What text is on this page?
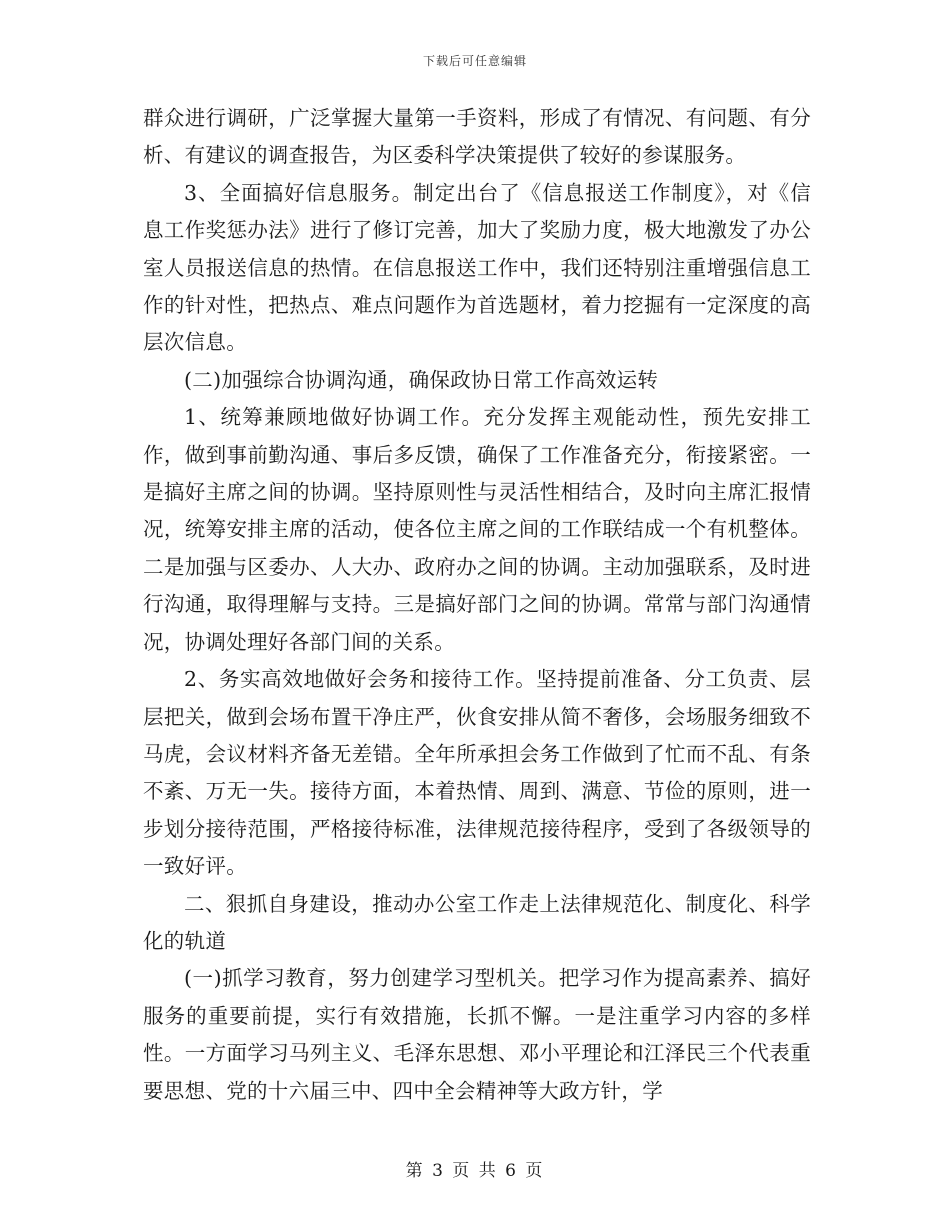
下载后可任意编辑

群众进行调研，广泛掌握大量第一手资料，形成了有情况、有问题、有分析、有建议的调查报告，为区委科学决策提供了较好的参谋服务。

3、全面搞好信息服务。制定出台了《信息报送工作制度》，对《信息工作奖惩办法》进行了修订完善，加大了奖励力度，极大地激发了办公室人员报送信息的热情。在信息报送工作中，我们还特别注重增强信息工作的针对性，把热点、难点问题作为首选题材，着力挖掘有一定深度的高层次信息。

(二)加强综合协调沟通，确保政协日常工作高效运转

1、统筹兼顾地做好协调工作。充分发挥主观能动性，预先安排工作，做到事前勤沟通、事后多反馈，确保了工作准备充分，衔接紧密。一是搞好主席之间的协调。坚持原则性与灵活性相结合，及时向主席汇报情况，统筹安排主席的活动，使各位主席之间的工作联结成一个有机整体。二是加强与区委办、人大办、政府办之间的协调。主动加强联系，及时进行沟通，取得理解与支持。三是搞好部门之间的协调。常常与部门沟通情况，协调处理好各部门间的关系。

2、务实高效地做好会务和接待工作。坚持提前准备、分工负责、层层把关，做到会场布置干净庄严，伙食安排从简不奢侈，会场服务细致不马虎，会议材料齐备无差错。全年所承担会务工作做到了忙而不乱、有条不紊、万无一失。接待方面，本着热情、周到、满意、节俭的原则，进一步划分接待范围，严格接待标准，法律规范接待程序，受到了各级领导的一致好评。

二、狠抓自身建设，推动办公室工作走上法律规范化、制度化、科学化的轨道

(一)抓学习教育，努力创建学习型机关。把学习作为提高素养、搞好服务的重要前提，实行有效措施，长抓不懈。一是注重学习内容的多样性。一方面学习马列主义、毛泽东思想、邓小平理论和江泽民三个代表重要思想、党的十六届三中、四中全会精神等大政方针，学

第 3 页 共 6 页
